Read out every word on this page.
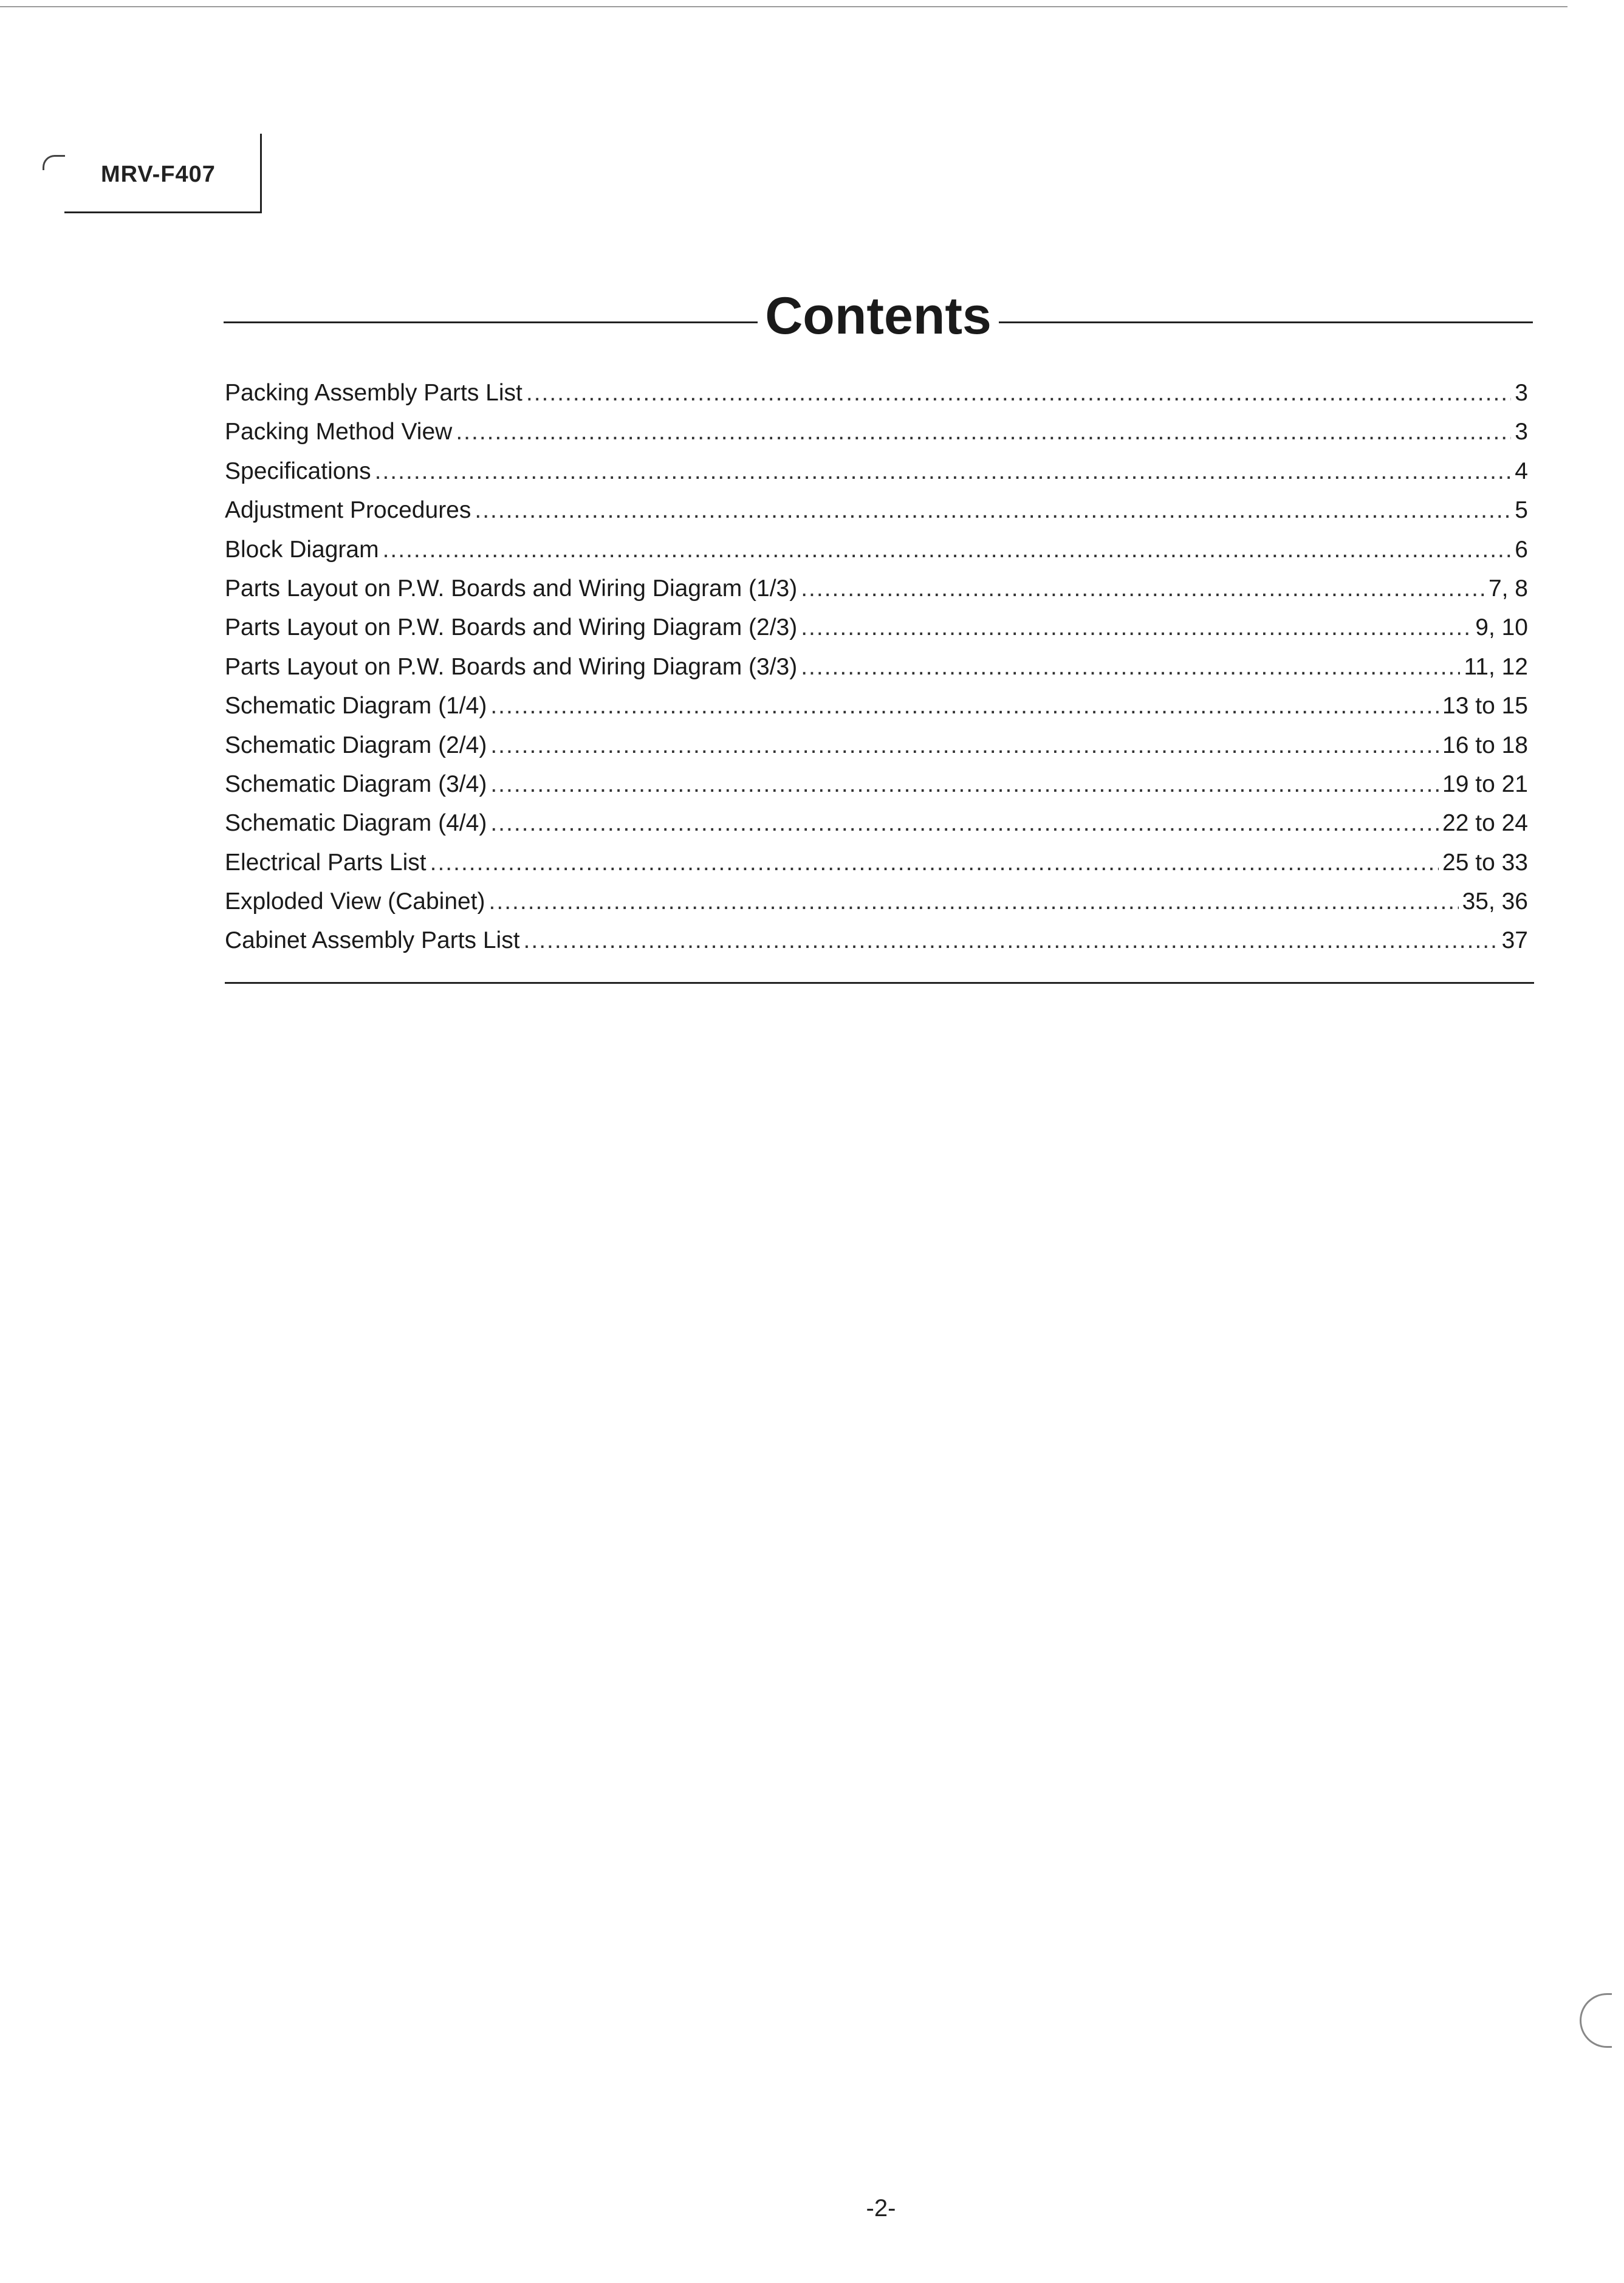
MRV-F407
Contents
Packing Assembly Parts List .....	3
Packing Method View .....	3
Specifications .....	4
Adjustment Procedures .....	5
Block Diagram .....	6
Parts Layout on P.W. Boards and Wiring Diagram (1/3) .....	7, 8
Parts Layout on P.W. Boards and Wiring Diagram (2/3) .....	9, 10
Parts Layout on P.W. Boards and Wiring Diagram (3/3) .....	11, 12
Schematic Diagram (1/4) .....	13 to 15
Schematic Diagram (2/4) .....	16 to 18
Schematic Diagram (3/4) .....	19 to 21
Schematic Diagram (4/4) .....	22 to 24
Electrical Parts List .....	25 to 33
Exploded View (Cabinet) .....	35, 36
Cabinet Assembly Parts List .....	37
-2-
